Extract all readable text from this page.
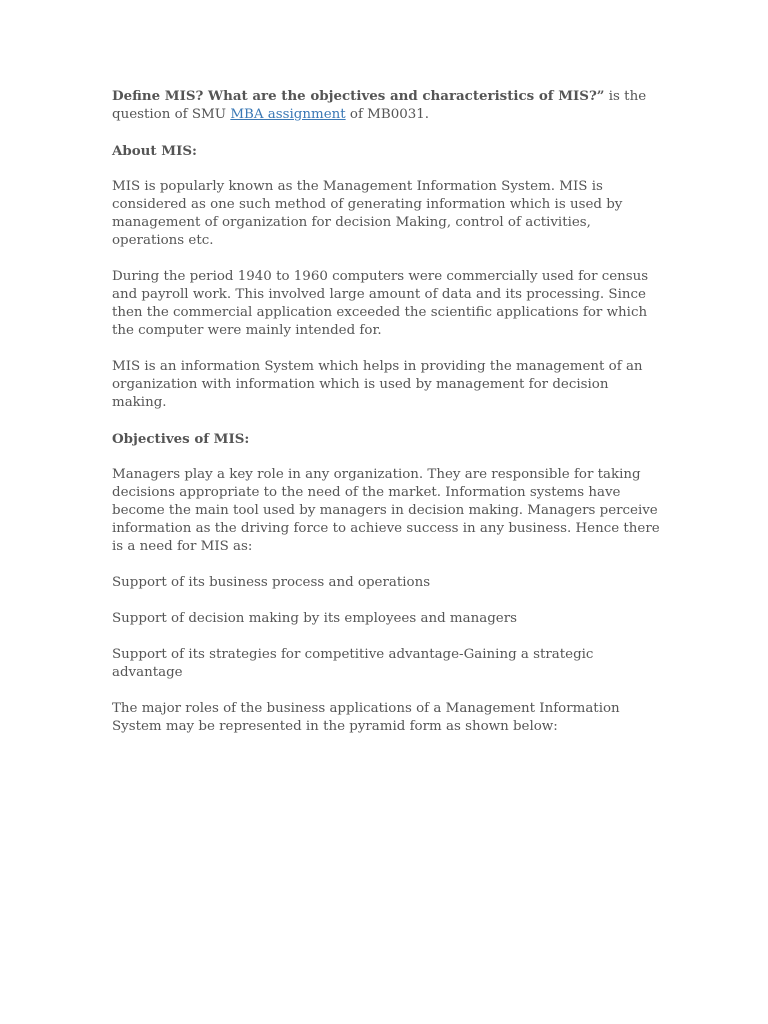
Define MIS? What are the objectives and characteristics of MIS?” is the question of SMU MBA assignment of MB0031.

About MIS:

MIS is popularly known as the Management Information System. MIS is considered as one such method of generating information which is used by management of organization for decision Making, control of activities, operations etc.

During the period 1940 to 1960 computers were commercially used for census and payroll work. This involved large amount of data and its processing. Since then the commercial application exceeded the scientific applications for which the computer were mainly intended for.

MIS is an information System which helps in providing the management of an organization with information which is used by management for decision making.

Objectives of MIS:

Managers play a key role in any organization. They are responsible for taking decisions appropriate to the need of the market. Information systems have become the main tool used by managers in decision making. Managers perceive information as the driving force to achieve success in any business. Hence there is a need for MIS as:

Support of its business process and operations

Support of decision making by its employees and managers

Support of its strategies for competitive advantage-Gaining a strategic advantage

The major roles of the business applications of a Management Information System may be represented in the pyramid form as shown below:
